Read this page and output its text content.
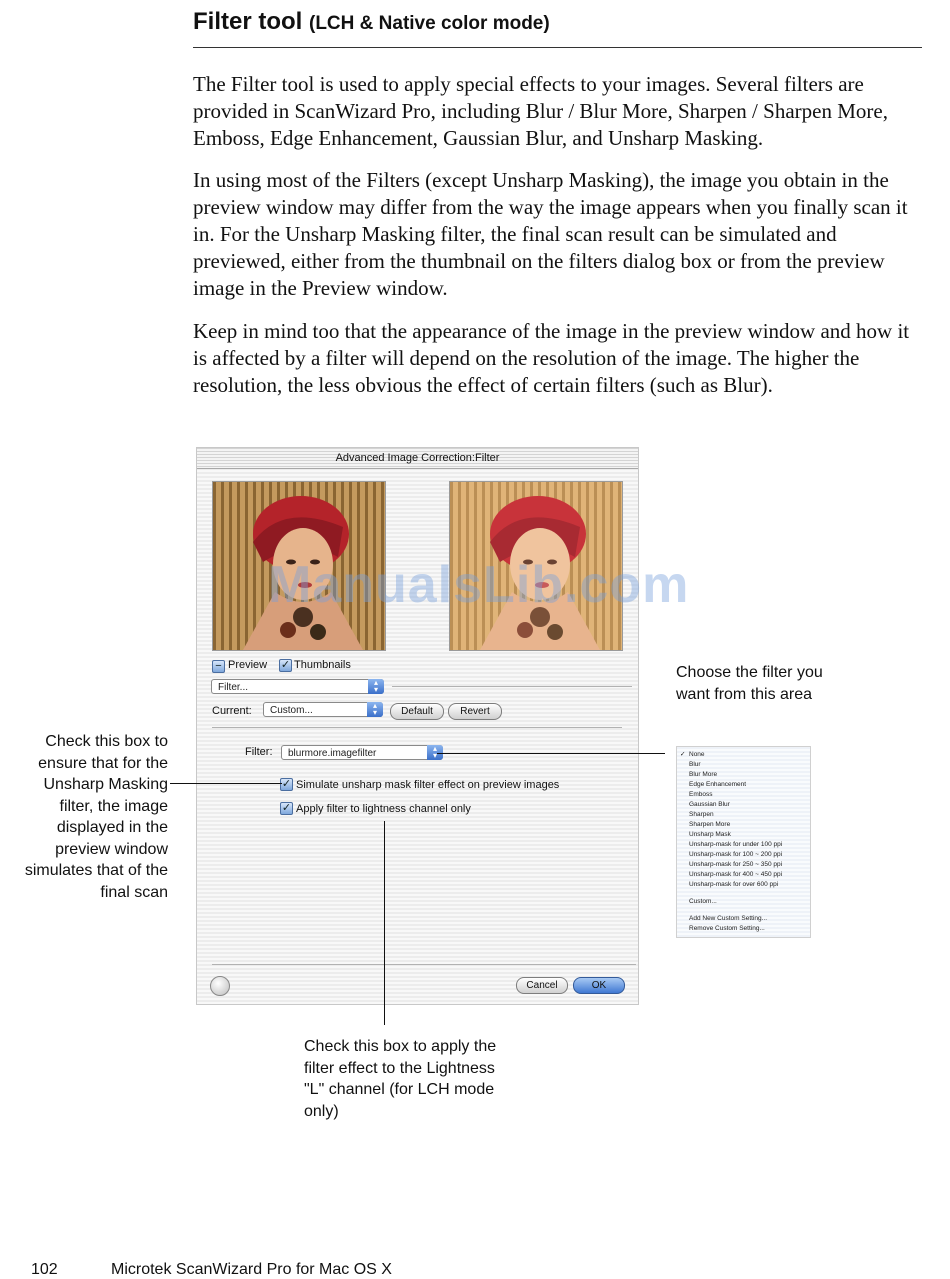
Filter tool (LCH & Native color mode)
The Filter tool is used to apply special effects to your images. Several filters are provided in ScanWizard Pro, including Blur / Blur More, Sharpen / Sharpen More, Emboss, Edge Enhancement, Gaussian Blur, and Unsharp Masking.
In using most of the Filters (except Unsharp Masking), the image you obtain in the preview window may differ from the way the image appears when you finally scan it in. For the Unsharp Masking filter, the final scan result can be simulated and previewed, either from the thumbnail on the filters dialog box or from the preview image in the Preview window.
Keep in mind too that the appearance of the image in the preview window and how it is affected by a filter will depend on the resolution of the image. The higher the resolution, the less obvious the effect of certain filters (such as Blur).
Advanced Image Correction:Filter
− Preview ✓ Thumbnails
Filter...	▴
▾
Current:	Custom...	▴
▾	Default	Revert
Filter:	blurmore.imagefilter	▴
▾
✓ Simulate unsharp mask filter effect on preview images
✓ Apply filter to lightness channel only
Cancel	OK
ManualsLib.com
Choose the filter you want from this area
✓ None
Blur
Blur More
Edge Enhancement
Emboss
Gaussian Blur
Sharpen
Sharpen More
Unsharp Mask
Unsharp-mask for under 100 ppi
Unsharp-mask for 100 ~ 200 ppi
Unsharp-mask for 250 ~ 350 ppi
Unsharp-mask for 400 ~ 450 ppi
Unsharp-mask for over 600 ppi
Custom...
Add New Custom Setting...
Remove Custom Setting...
Check this box to ensure that for the Unsharp Masking filter, the image displayed in the preview window simulates that of the final scan
Check this box to apply the filter effect to the Lightness "L" channel (for LCH mode only)
102	Microtek ScanWizard Pro for Mac OS X
